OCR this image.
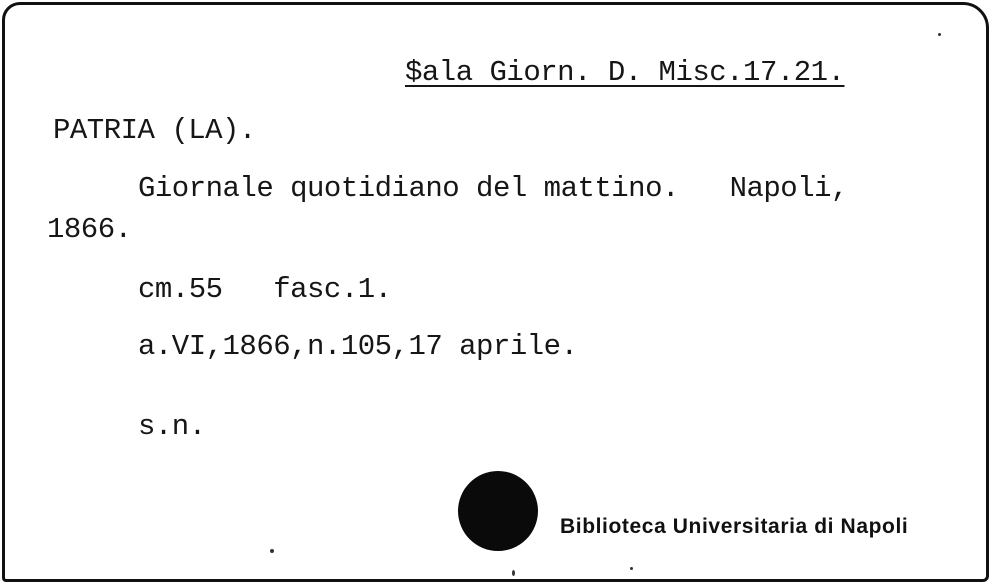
$ala Giorn. D. Misc.17.21.
PATRIA (LA).
Giornale quotidiano del mattino.   Napoli,
1866.
cm.55   fasc.1.
a.VI,1866,n.105,17 aprile.
s.n.
Biblioteca Universitaria di Napoli
